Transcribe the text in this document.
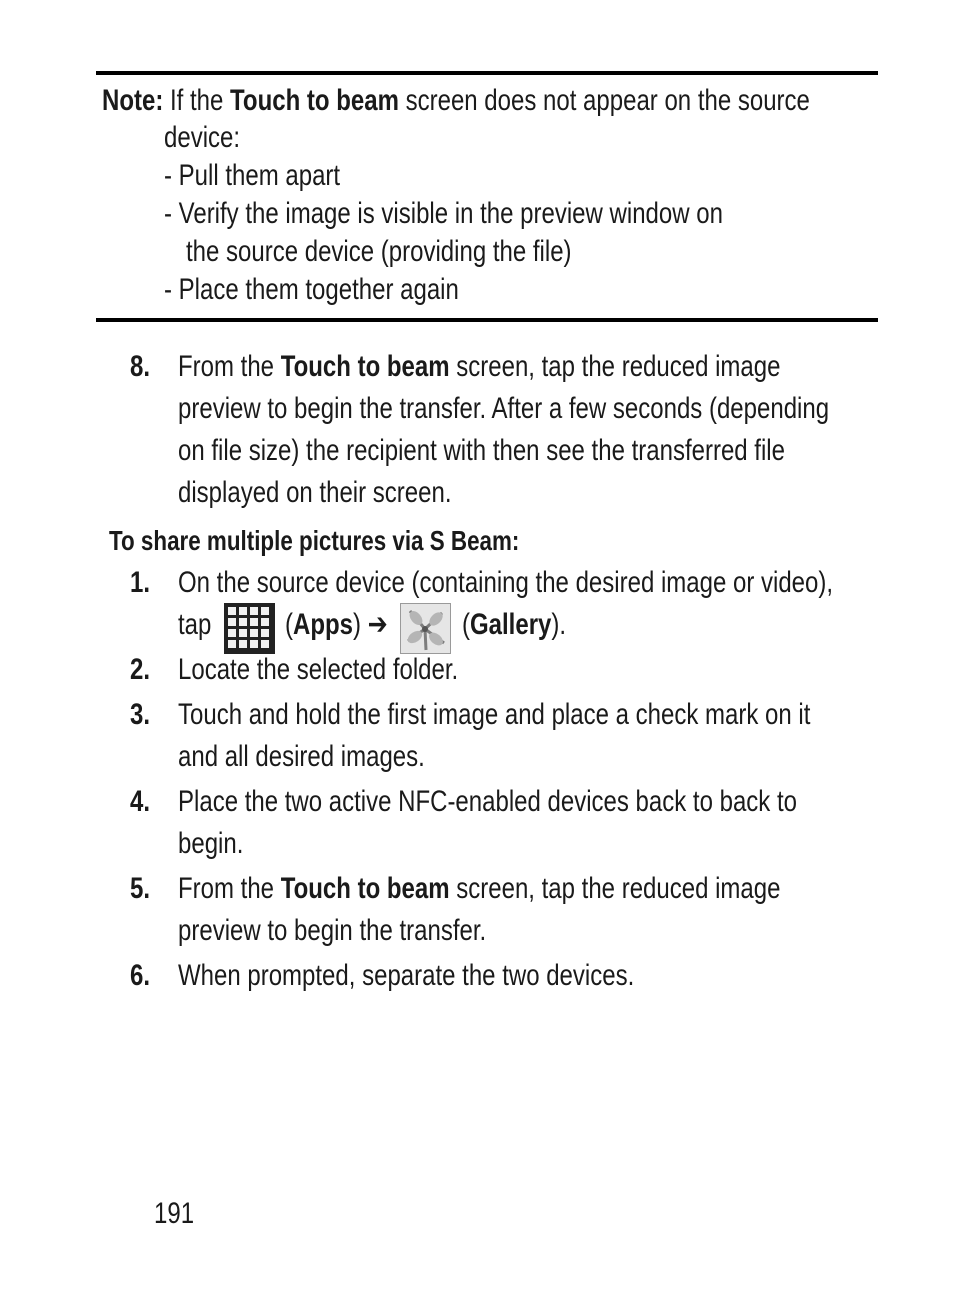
Note: If the Touch to beam screen does not appear on the source
device:
- Pull them apart
- Verify the image is visible in the preview window on
the source device (providing the file)
- Place them together again
8. From the Touch to beam screen, tap the reduced image
preview to begin the transfer. After a few seconds (depending
on file size) the recipient with then see the transferred file
displayed on their screen.
To share multiple pictures via S Beam:
1. On the source device (containing the desired image or video),
tap (Apps) ➔	(Gallery).
2. Locate the selected folder.
3. Touch and hold the first image and place a check mark on it
and all desired images.
4. Place the two active NFC-enabled devices back to back to
begin.
5. From the Touch to beam screen, tap the reduced image
preview to begin the transfer.
6. When prompted, separate the two devices.
191
